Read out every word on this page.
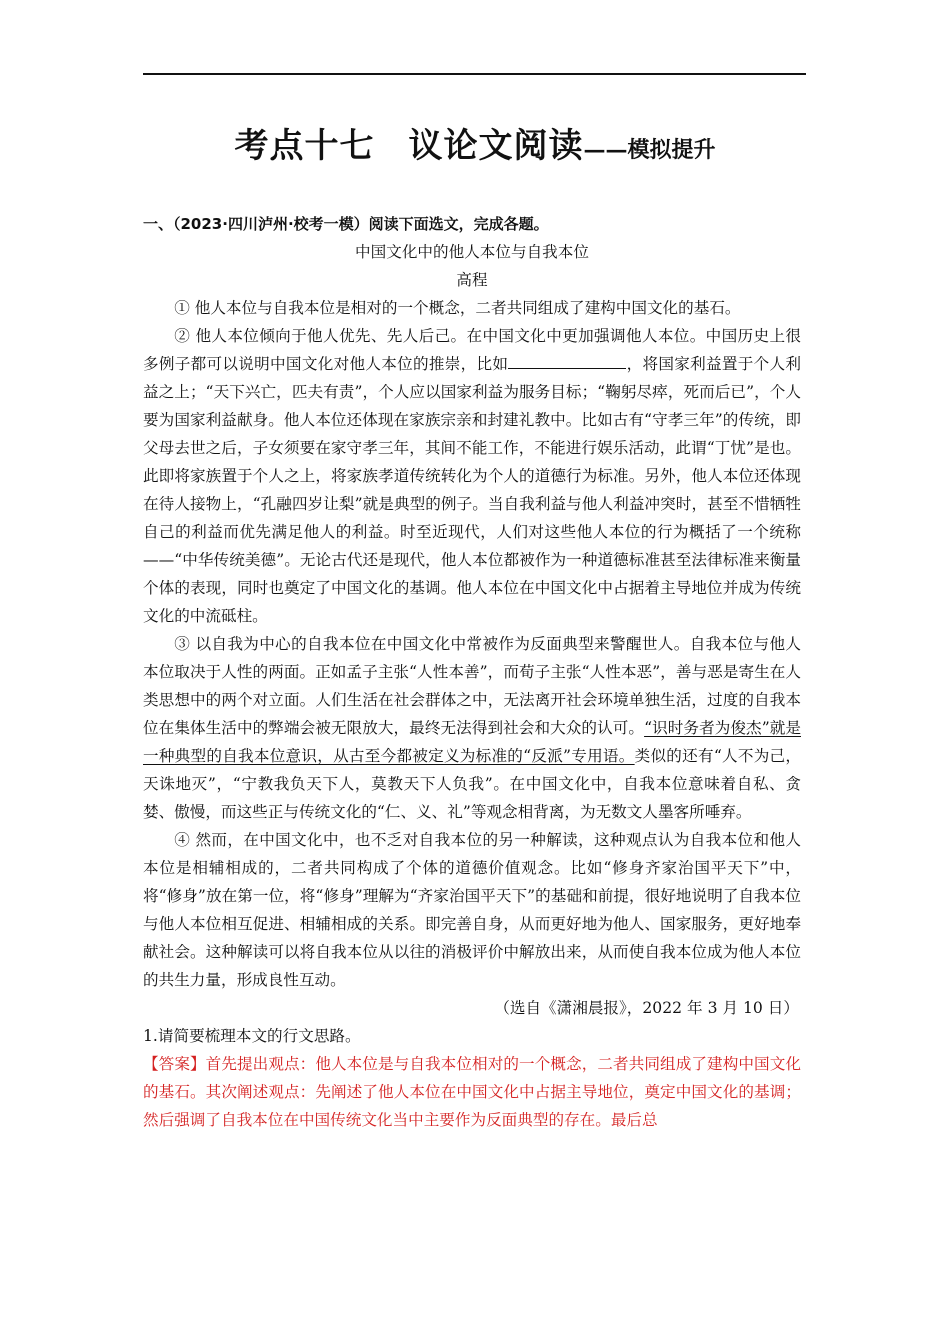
考点十七 议论文阅读——模拟提升

一、（2023·四川泸州·校考一模）阅读下面选文，完成各题。

中国文化中的他人本位与自我本位

高程

① 他人本位与自我本位是相对的一个概念，二者共同组成了建构中国文化的基石。

② 他人本位倾向于他人优先、先人后己。在中国文化中更加强调他人本位。中国历史上很多例子都可以说明中国文化对他人本位的推崇，比如	，将国家利益置于个人利益之上；“天下兴亡，匹夫有责”，个人应以国家利益为服务目标；“鞠躬尽瘁，死而后已”，个人要为国家利益献身。他人本位还体现在家族宗亲和封建礼教中。比如古有“守孝三年”的传统，即父母去世之后，子女须要在家守孝三年，其间不能工作，不能进行娱乐活动，此谓“丁忧”是也。此即将家族置于个人之上，将家族孝道传统转化为个人的道德行为标准。另外，他人本位还体现在待人接物上，“孔融四岁让梨”就是典型的例子。当自我利益与他人利益冲突时，甚至不惜牺牲自己的利益而优先满足他人的利益。时至近现代，人们对这些他人本位的行为概括了一个统称——“中华传统美德”。无论古代还是现代，他人本位都被作为一种道德标准甚至法律标准来衡量个体的表现，同时也奠定了中国文化的基调。他人本位在中国文化中占据着主导地位并成为传统文化的中流砥柱。

③ 以自我为中心的自我本位在中国文化中常被作为反面典型来警醒世人。自我本位与他人本位取决于人性的两面。正如孟子主张“人性本善”，而荀子主张“人性本恶”，善与恶是寄生在人类思想中的两个对立面。人们生活在社会群体之中，无法离开社会环境单独生活，过度的自我本位在集体生活中的弊端会被无限放大，最终无法得到社会和大众的认可。“识时务者为俊杰”就是一种典型的自我本位意识，从古至今都被定义为标准的“反派”专用语。类似的还有“人不为己，天诛地灭”，“宁教我负天下人，莫教天下人负我”。在中国文化中，自我本位意味着自私、贪婪、傲慢，而这些正与传统文化的“仁、义、礼”等观念相背离，为无数文人墨客所唾弃。

④ 然而，在中国文化中，也不乏对自我本位的另一种解读，这种观点认为自我本位和他人本位是相辅相成的，二者共同构成了个体的道德价值观念。比如“修身齐家治国平天下”中，将“修身”放在第一位，将“修身”理解为“齐家治国平天下”的基础和前提，很好地说明了自我本位与他人本位相互促进、相辅相成的关系。即完善自身，从而更好地为他人、国家服务，更好地奉献社会。这种解读可以将自我本位从以往的消极评价中解放出来，从而使自我本位成为他人本位的共生力量，形成良性互动。

（选自《潇湘晨报》，2022 年 3 月 10 日）

1.请简要梳理本文的行文思路。

【答案】首先提出观点：他人本位是与自我本位相对的一个概念，二者共同组成了建构中国文化的基石。其次阐述观点：先阐述了他人本位在中国文化中占据主导地位，奠定中国文化的基调；然后强调了自我本位在中国传统文化当中主要作为反面典型的存在。最后总
